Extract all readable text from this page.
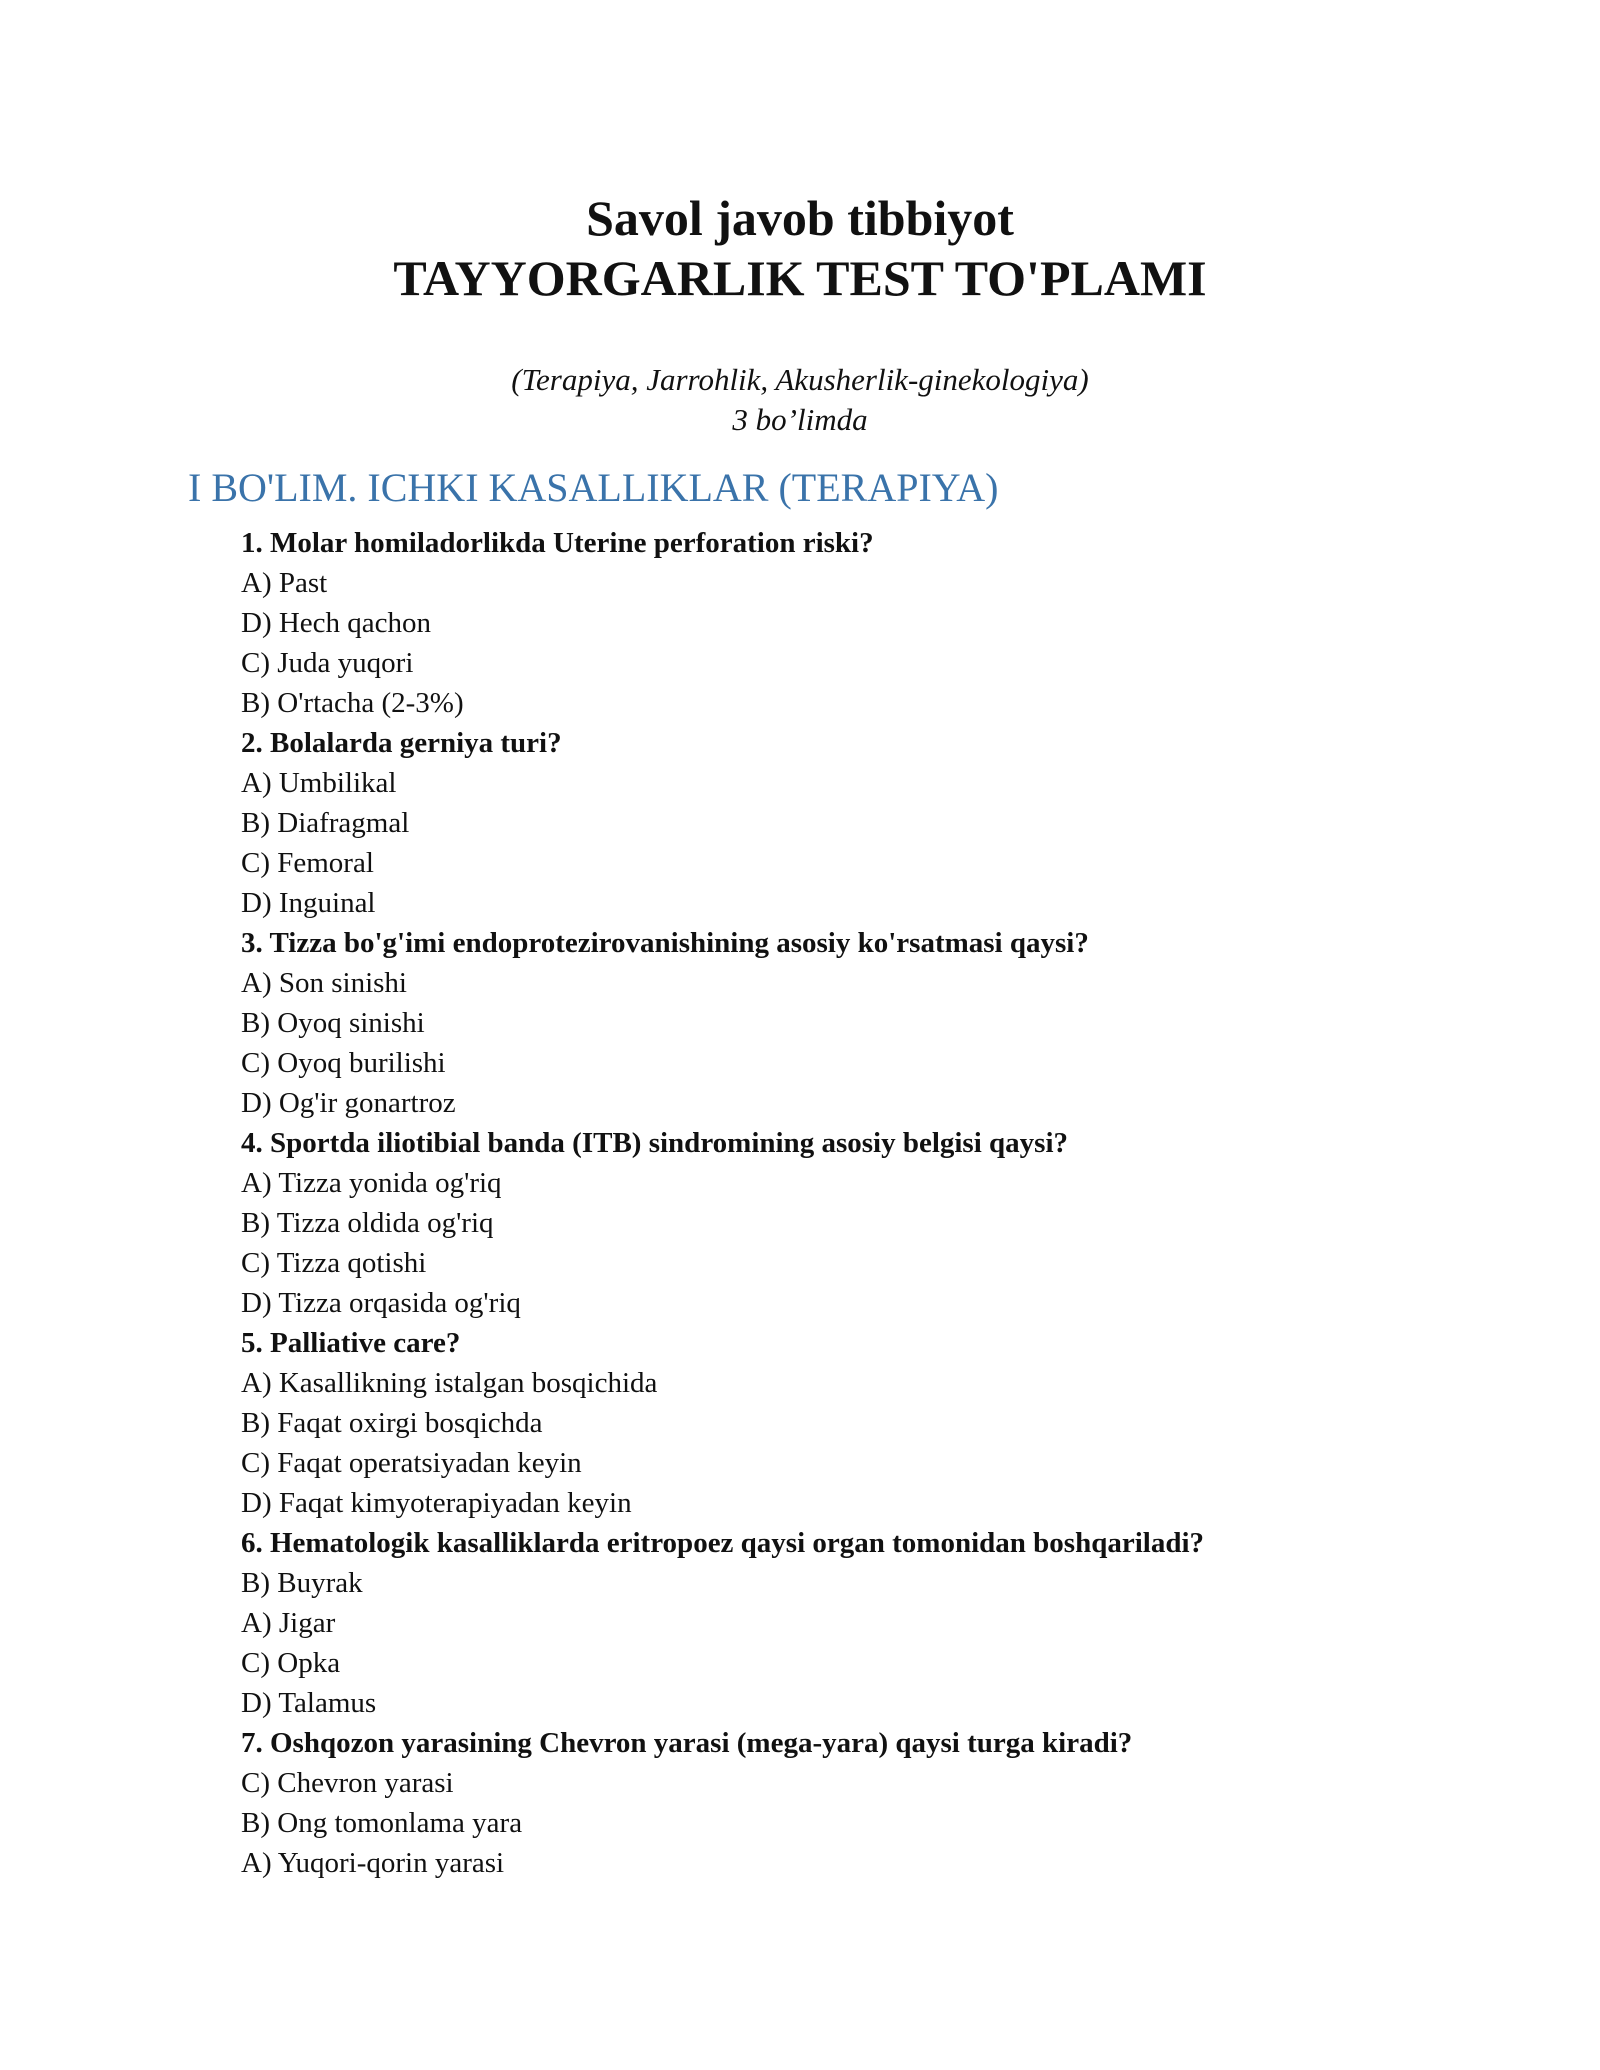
Savol javob tibbiyot

TAYYORGARLIK TEST TO'PLAMI

(Terapiya, Jarrohlik, Akusherlik-ginekologiya)
3 bo’limda
I BO'LIM. ICHKI KASALLIKLAR (TERAPIYA)

1. Molar homiladorlikda Uterine perforation riski?

A) Past

D) Hech qachon

C) Juda yuqori

B) O'rtacha (2-3%)

2. Bolalarda gerniya turi?

A) Umbilikal

B) Diafragmal

C) Femoral

D) Inguinal

3. Tizza bo'g'imi endoprotezirovanishining asosiy ko'rsatmasi qaysi?

A) Son sinishi

B) Oyoq sinishi

C) Oyoq burilishi

D) Og'ir gonartroz

4. Sportda iliotibial banda (ITB) sindromining asosiy belgisi qaysi?

A) Tizza yonida og'riq

B) Tizza oldida og'riq

C) Tizza qotishi

D) Tizza orqasida og'riq

5. Palliative care?

A) Kasallikning istalgan bosqichida

B) Faqat oxirgi bosqichda

C) Faqat operatsiyadan keyin

D) Faqat kimyoterapiyadan keyin

6. Hematologik kasalliklarda eritropoez qaysi organ tomonidan boshqariladi?

B) Buyrak

A) Jigar

C) Opka

D) Talamus

7. Oshqozon yarasining Chevron yarasi (mega-yara) qaysi turga kiradi?

C) Chevron yarasi

B) Ong tomonlama yara

A) Yuqori-qorin yarasi
